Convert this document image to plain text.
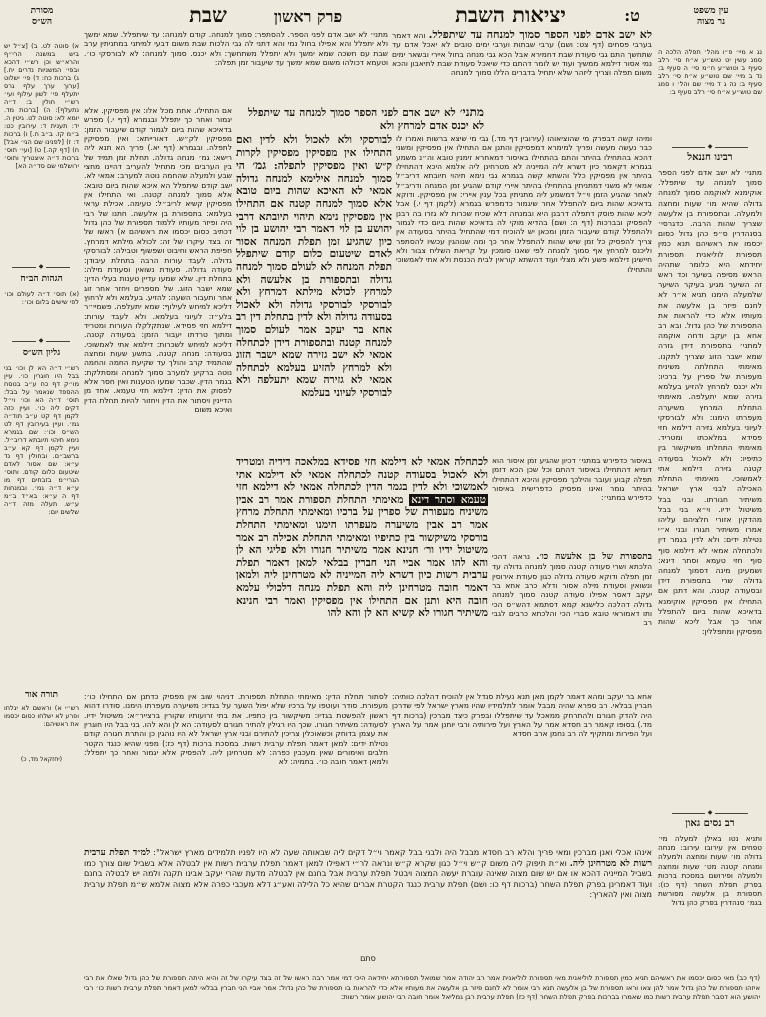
מסורת
הש״ס	שבת	פרק ראשון	יציאות השבת	ט:	עין משפט
נר מצוה
נג א מיי׳ פ״ו מהל׳ תפלה הלכה ה סמג עשין יט טוש״ע א״ח סי׳ רלב סעיף ב וטוש״ע ח״מ סי׳ ה סעיף ב: נד ב מיי׳ שם טוש״ע א״ח סי׳ רלב סעיף ב: נה ג ד מיי׳ שם והל׳ ו סמג שם טוש״ע א״ח סי׳ רלב סעיף ב:
◆
רבינו חננאל
מתני׳ לא ישב אדם לפני הספר סמוך למנחה עד שיתפלל. אוקימנא לאוקמה סמוך למנחה גדולה שהיא מו׳ שעות ומחצה ולמעלה. ובתספורת בן אלעשה שצריך שהות הרבה. כדגרסי׳ בסנהדרין ס״פ כהן גדול כסום יכסמו את ראשיהם תנא כמין תספורת לוליאנית תספורת יחידתא היא כלומר שתהיה הראש מסיפה בשיער וכד ראש זה השיער מגיע בעיקר השיער שלמעלה הימנו תניא א״ר לא לחנם פיזר בן אלעשה את מעותיו אלא כדי להראות את התספורת של כהן גדול. ובא רב אחא בן יעקב ודחה אוקמה למתני׳ בתספורת דידן גזרה שמא ישבר הזוג שצריך לתקנו. מאימתי התחלתה משיניח מעפורת של ספרין על ברכיו: ולא יכנס למרחץ להזיע בעלמא גזירה שמא יתעלפה. מאימתי התחלת המרחץ משיערה מעפרתו הימנו: ולא לבורסקי לעיוני בעלמא גזירה דילמא חזי פסידא במלאכתו ומטריד. מאימתי התחלתו משיקשור בין כתיפיו: ולא לאכול בסעודה קטנה גזירה דילמא אתי לאמשוכי. מאימתי התחלת האכילה לבני ארץ ישראל משיתיר חגורתו. ובני בבל משיטול ידיו. וי״א בני בבל מהדקין אזורי חלציהם עליהו אמרו משיתיר חגורו ובני א״י נטילת ידים: ולא לדין בגמר דין ולכתחלה אמאי לא דילמא סוף סוף חזי טעמא וסתר דינא: ושמעינן מינה דסמוך למנחה גדולה שרי בתספורת דידן ובסעודה קטנה. והא דתנן אם התחילו אין מפסיקין אוקימנא בדאיכא שהות ביום להתפלל אחר כך אבל ליכא שהות מפסיקין ומתפללין:
◆
רב נסים גאון
ותניא נטו באילן למעלה מי׳ טפחים אין עירובו עירוב: מנחה גדולה מו׳ שעות ומחצה ולמעלה ומנחה קטנה מט׳ שעות ומחצה ולמעלה ופירושם במסכת ברכות בפרק תפלת השחר (דף כו): תספורת בן אלעשה מפורשת בגמ׳ סנהדרין בפרק כהן גדול
א) סוטה לט. ב) [צ״ל יש ביש במשנה הרי״ף והרא״ש וכן רש״י דהכא ובפי׳ המשניות נדרים יח.] ג) ברכות כח: ד) פי׳ ישלוט [ערוך ערך עלף גרס יתעלף פי׳ לשון עילוף ועי׳ רש״י חולין ב: ד״ה נתעלף]: ה) [ברכות מד. יומא לא: סוטה לט. גיטין ה. יד: תענית ד: עירובין כט: ב״מ קז. ב״ב ח.] ו) ברכות ד: ז) [לפנינו שם הגי׳ אבל] ח) [דף קה.] ט) [ועי׳ תוס׳ ברכות ד״ה איצטריך ותוס׳ ירושלמי שם סד״ה הא]
◆
הגהות הב״ח
(א) תוס׳ ד״ה לעולם וכו׳ לפי שישים בלום וכו׳:
◆
גליון הש״ס
רש״י ד״ה הא לן וכו׳ בני בבל היו חוגרין כו׳. עיין מו״ק דף כח ע״ב בנוסח ההספד שנאמר על בבל: תוס׳ ד״ה הא וכו׳ וי״ל דקים ליה כו׳. ועיין כזה לקמן דף קט ע״ב תוד״ה גמ׳. ועיין בעירובין דף לט הש״ס וכו׳: שם בגמרא נימא תיהוי תיובתא דריב״ל. ועיין לקמן דף קא ע״ב ברשב״ם. ובחולין דף נד ע״א: שם אסור לאדם שיטעום כלום קודם. ותוס׳ הגרי״מ בזבחים דף מו ע״א ד״ה גמ׳. ובמנחות דף ה ע״א: בא״ד ב״מ ע״ש. תעלה מזה ד״ה שלשים יום:
תורה אור
רש״י א) וראשם לא יגלחו ופרע לא ישלחו כסום יכסמו את ראשיהם:
(יחזקאל מד, כ)
מתני׳ לא ישב אדם לפני הספר. להסתפר: סמוך למנחה. קודם למנחה: עד שיתפלל. שמא ימשך ולא יתפלל והא אפילו בחול נמי והא דתני לה גבי הלכות שבת משום דבעי למיתני במתניתין ערב שבת עם חשכה שמא ימשך ולא יתפלל משתחשך: ולא יכנס. סמוך למנחה: לא לבורסקי כו׳. וטעמא דכולהו משום שמא ימשך עד שיעבור זמן תפלה:
אם התחילו. אחת מכל אלו: אין מפסיקין. אלא יגמור ואחר כך יתפלל ובגמרא (דף י.) מפרש בדאיכא שהות ביום לגמור קודם שיעבור הזמן: מפסיקין לק״ש. דאורייתא: ואין מפסיקין לתפלה. ובגמרא (דף יא.) פריך הא תנא ליה רישא: גמ׳ מנחה גדולה. תחלת זמן תמיד של בין הערבים מכי מתחיל להעריב דהיינו מחצי שבע ולמעלה שהחמה נוטה למערב: אמאי לא. ישב קודם שיתפלל הא איכא שהות ביום טובא: אלא סמוך למנחה קטנה. ואי התחילו אין מפסיקין קשיא לריב״ל: טעימה. אכילת עראי בעלמא: בתספורת בן אלעשה. חתנו של רבי היה ופיזר מעותיו ללמוד תספורת של כהן גדול דכתיב כסום יכסמו את ראשיהם א) ראשו של זה בצד עיקרו של זה: לכולא מילתא דמרחץ. חפיפת הראש וחיבוט ושפשוף וטבילה: לבורסקי גדולה. לעבד עורות הרבה בתחלת עיבודן: סעודה גדולה. סעודת נשואין וסעודת מילה: בתחלת דין. שלא שמעו עדיין טענות בעלי הדין: שמא ישבר הזוג. של מספרים ויחזר אחר זוג אחר ותעבור השעה: להזיע. בעלמא ולא לרחוץ דליכא למיחש לעילוף: שמא יתעלפה. פשמיי״ר בלע״ז: לעיוני בעלמא. ולא לעבד עורות: דילמא חזי פסידא. שנתקלקלו העורות ומטריד ומתוך טרדתו יעבור הזמן: בסעודה קטנה. דליכא למיחש לשכרות: דילמא אתי לאמשוכי. בסעודה: מנחה קטנה. בתשע שעות ומחצה שהתמיד קרב והולך עד שקיעת החמה והחמה נוטה ברקיע למערב סמוך למנחה ומסתלקת: בגמר הדין. שכבר שמעו הטענות ואין חסר אלא לפסוק את הדין: דילמא חזי טעמא. אחד מן הדיינין ויסתור את הדין ויחזור להיות תחלת הדין ואיכא משום
לסתור תחלת הדין: מאימתי התחלת תספורת. דניהוי שוב אין מפסיק כדתנן אם התחילו כו׳: מעפורת. סודר ועוטפו על ברכיו שלא יפול השער על בגדיו: משיערה מעפרתו הימנו. סודרו דהוא ראשון להפשטת בגדיו: משיקשור בין כתפיו. את בתי זרועותיו שקורין ברצייר״א: משיטול ידיו. לסעודה: משיתיר חגורו. שכך היו רגילין להתיר חגורם לסעודה: הא לן והא להו. בני בבל היו חוגרין את עצמן בדוחק וכשאוכלין צריכין להתירם ובני ארץ ישראל לא היו נוהגין כן והתרת חגורה קודם נטילת ידים: למאן דאמר תפלת ערבית רשות. במסכת ברכות (דף כז:) מפני שהיא כנגד הקטר חלבים ואימורים שאין מעכבין כפרה: לא מטרחינן ליה. להפסיק אלא יגמור ואחר כך יתפלל: ולמאן דאמר חובה כו׳. בתמיה: לא
מתני׳ לא ישב אדם לפני הספר סמוך למנחה עד שיתפלל לא יכנס אדם למרחץ ולא
לבורסקי ולא לאכול ולא לדין ואם התחילו אין מפסיקין מפסיקין לקרות ק״ש ואין מפסיקין לתפלה: גמ׳ הי סמוך למנחה אילימא למנחה גדולה אמאי לא האיכא שהות ביום טובא אלא סמוך למנחה קטנה אם התחילו אין מפסיקין נימא תיהוי תיובתא דרבי יהושע בן לוי דאמר רבי יהושע בן לוי כיון שהגיע זמן תפלת המנחה אסור לאדם שיטעום כלום קודם שיתפלל תפלת המנחה לא לעולם סמוך למנחה גדולה ובתספורת בן אלעשה ולא למרחץ לכולא מילתא דמרחץ ולא לבורסקי לבורסקי גדולה ולא לאכול בסעודה גדולה ולא לדין בתחלת דין רב אחא בר יעקב אמר לעולם סמוך למנחה קטנה ובתספורת דידן לכתחלה אמאי לא ישב גזירה שמא ישבר הזוג ולא למרחץ להזיע בעלמא לכתחלה אמאי לא גזירה שמא יתעלפה ולא לבורסקי לעיוני בעלמא
לכתחלה אמאי לא דילמא חזי פסידא במלאכה דידיה ומטריד ולא לאכול בסעודה קטנה לכתחלה אמאי לא דילמא אתי לאמשוכי ולא לדין בגמר הדין לכתחלה אמאי לא דילמא חזי טעמא וסתר דינא מאימתי התחלת תספורת אמר רב אבין משיניח מעפורת של ספרין על ברכיו ומאימתי התחלת מרחץ אמר רב אבין משיערה מעפרתו הימנו ומאימתי התחלת בורסקי משיקשור בין כתיפיו ומאימתי התחלת אכילה רב אמר משיטול ידיו ור׳ חנינא אמר משיתיר חגורו ולא פליגי הא לן והא להו אמר אביי הני חברין בבלאי למאן דאמר תפלת ערבית רשות כיון דשרא ליה המייניה לא מטרחינן ליה ולמאן דאמר חובה מטרחינן ליה והא תפלת מנחה דלכולי עלמא חובה היא ותנן אם התחילו אין מפסיקין ואמר רבי חנינא משיתיר חגורו לא קשיא הא לן והא להו
לא ישב אדם לפני הספר סמוך למנחה עד שיתפלל. והא דאמר בערבי פסחים (דף צט: ושם) ערבי שבתות וערבי ימים טובים לא יאכל אדם עד שתחשך התם גבי סעודת שבת דחמירא אבל הכא גבי מנחה בחול איירי ובשאר ימים נמי אסור דילמא ממשיך ועוד יש לומר דהתם כדי שיאכל סעודת שבת לתיאבון והכא משום תפלה וצריך ליזהר שלא יתחיל בדברים הללו סמוך למנחה
ומיהו קשה דבפרק מי שהוציאוהו (עירובין דף מד.) גבי מי שיצא ברשות ואמרו לו כבר נעשה מעשה ופריך למימרא דמפסיקין והתנן אם התחילו אין מפסיקין ומשני דהכא בהתחילו בהיתר והתם בהתחילו באיסור דמאחרא זימנין טובא וה״נ משמע בגמרא דקאמר כיון דשרא ליה המייניה לא מטרחינן ליה אלמא היכא דהתחילו בהיתר אין מפסיקין כלל והשתא קשה בגמרא גבי נימא תיהוי תיובתא דריב״ל אמאי לא משני דמתניתין בהתחילו בהיתר איירי קודם שהגיע זמן המנחה ודריב״ל לאחר שהגיע הזמן וי״ל דמשמע ליה מתניתין בכל ענין איירי: אין מפסיקין. ודוקא בדאיכא שהות ביום להתפלל אחר שיגמור כדמפרש בגמרא (לקמן דף י.) אבל ליכא שהות פוסק דתפלה דרבנן היא ובמנחה דלא שכיח שכרות לא גזרו בה רבנן להפסיק ובברכות (דף ה: ושם) בהדיא מוקי לה בדאיכא שהות ביום כדי לגמור ולהתפלל קודם שיעבור הזמן ומכאן יש להוכיח דמי שהתחיל בהיתר בסעודה אין צריך להפסיק כל זמן שיש שהות להתפלל אחר כך ומה שנוהגין עכשיו להסתפר וליכנס למרחץ אף סמוך למנחה לפי שאנו סומכין על קריאת השליח צבור ולא חיישינן דילמא פשע ולא מצלי ועוד דהשתא קוראין לבית הכנסת ולא אתי לאמשוכי והתחילו
באיסור כדפירש במתני׳ דכיון שהגיע זמן איסור הוא דומיא דהתחילו באיסור דהתם וכל שכן הכא דזמן תפלה קבוע ועובר והילכך מפסיקין והיכא דהתחילו בהיתר גומר ואינו מפסיק כדפרישית באיסור כדפירש במתני׳:
בתספורת של בן אלעשה כו׳. נראה דהכי הלכתא ושרי סעודה קטנה סמוך למנחה גדולה עד זמן תפלה ודוקא סעודה גדולה כגון סעודת אירוסין ונשואין וסעודת מילה אסור ודלא כרב אחא בר יעקב דאסר אפילו סעודה קטנה סמוך למנחה גדולה דהלכה כלישנא קמא דסתמא דהש״ס הכי ותו דאמוראי טובא סברי הכי והלכתא כרבים לגבי רב
אחא בר יעקב ומהא דאמר לקמן מאן תנא נעילת סנדל אין להוכיח דהלכה כוותיה: חברין בבלאי. רב ספרא שהיה מבבל אומר לתלמידיו שהיו מארץ ישראל לפי שדרכן היה להדק חגורם ולהתרחק ממאכל עד שיתפללו ובפרק כיצד מברכין (ברכות דף מד.) בסופו קאמר רב חסדא אמר על הארץ ועל פירותיה ורבי יוחנן אמר על הארץ ועל הפירות ומתקיף לה רב נחמן ארב חסדא
אינהו אכלי ואנן מברכין ומאי פריך והלא רב חסדא מבבל היה ולבני בבל קאמר וי״ל דקים ליה שבאותה שעה לא היו לפניו תלמידים מארץ ישראל°: למ״ד תפלת ערבית רשות לא מטרחינן ליה. וא״ת תיפוק ליה משום ק״ש וי״ל כגון שקרא ק״ש ונראה לר״י דאפילו למאן דאמר תפלת ערבית רשות אין לבטלה אלא בשביל שום צורך כמו בשביל המייניה דהכא או אם יש שום מצוה שאינה עוברת יעשה המצוה ויבטל תפלת ערבית אבל בחנם אין לבטלה מדעת שהרי יעקב אבינו תקנה ולמה יש לבטלה בחנם ועוד דאמרינן בפרק תפלת השחר (ברכות דף כו: ושם) תפלת ערבית כנגד הקטרת אברים שהיא כל הלילה ואע״ג דלא מעכבי כפרה אלא מצוה אלמא ש״מ תפלת ערבית מצוה ואין להאריך:
סתם
(דף כב) מאי כסום יכסמו את ראשיהם תניא כמין תספורת לוליאנית מאי תספורת לוליאנית אמר רב יהודה אמר שמואל תספורתא יחידאה היכי דמי אמר רבה ראשו של זה בצד עיקרו של זה והיא היתה תספורת של כהן גדול שאלו את רבי איזהו תספורת של כהן גדול אמר להן צאו וראו תספורת של בן אלעשה תנא רבי אומר לא לחנם פיזר בן אלעשה את מעותיו אלא כדי להראות בו תספורת של כהן גדול: אמר אביי הני חברין בבלאי למאן דאמר תפלת ערבית רשות כו׳ רבי יהושע הוא דסבר תפלת ערבית רשות כמו שאמרו בברכות בפרק תפלת השחר (דף כז) תפלת ערבית רבן גמליאל אומר חובה רבי יהושע אומר רשות:
